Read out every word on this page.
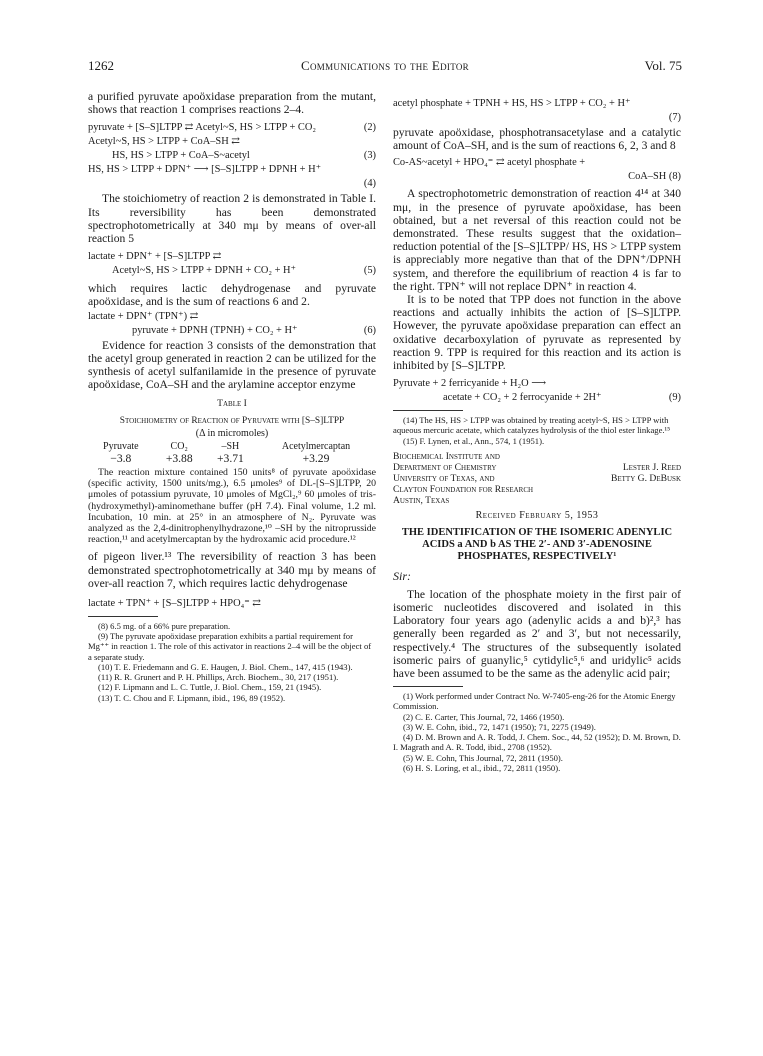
1262	Communications to the Editor	Vol. 75

a purified pyruvate apoöxidase preparation from the mutant, shows that reaction 1 comprises reactions 2–4.

pyruvate + [S–S]LTPP ⇄ Acetyl~S, HS > LTPP + CO₂	(2)
Acetyl~S, HS > LTPP + CoA–SH ⇄
HS, HS > LTPP + CoA–S~acetyl	(3)
HS, HS > LTPP + DPN⁺ ⟶ [S–S]LTPP + DPNH + H⁺
(4)

The stoichiometry of reaction 2 is demonstrated in Table I. Its reversibility has been demonstrated spectrophotometrically at 340 mμ by means of over-all reaction 5

lactate + DPN⁺ + [S–S]LTPP ⇄
Acetyl~S, HS > LTPP + DPNH + CO₂ + H⁺	(5)

which requires lactic dehydrogenase and pyruvate apoöxidase, and is the sum of reactions 6 and 2.

lactate + DPN⁺ (TPN⁺) ⇄
pyruvate + DPNH (TPNH) + CO₂ + H⁺	(6)

Evidence for reaction 3 consists of the demonstration that the acetyl group generated in reaction 2 can be utilized for the synthesis of acetyl sulfanilamide in the presence of pyruvate apoöxidase, CoA–SH and the arylamine acceptor enzyme

Table I
Stoichiometry of Reaction of Pyruvate with [S–S]LTPP
(Δ in micromoles)
Pyruvate	CO₂	–SH	Acetylmercaptan
−3.8	+3.88	+3.71	+3.29

The reaction mixture contained 150 units⁸ of pyruvate apoöxidase (specific activity, 1500 units/mg.), 6.5 μmoles⁹ of DL-[S–S]LTPP, 20 μmoles of potassium pyruvate, 10 μmoles of MgCl₂,⁹ 60 μmoles of tris-(hydroxymethyl)-aminomethane buffer (pH 7.4). Final volume, 1.2 ml. Incubation, 10 min. at 25° in an atmosphere of N₂. Pyruvate was analyzed as the 2,4-dinitrophenylhydrazone,¹⁰ –SH by the nitroprusside reaction,¹¹ and acetylmercaptan by the hydroxamic acid procedure.¹²

of pigeon liver.¹³ The reversibility of reaction 3 has been demonstrated spectrophotometrically at 340 mμ by means of over-all reaction 7, which requires lactic dehydrogenase

lactate + TPN⁺ + [S–S]LTPP + HPO₄⁼ ⇄

(8) 6.5 mg. of a 66% pure preparation.

(9) The pyruvate apoöxidase preparation exhibits a partial requirement for Mg⁺⁺ in reaction 1. The role of this activator in reactions 2–4 will be the object of a separate study.

(10) T. E. Friedemann and G. E. Haugen, J. Biol. Chem., 147, 415 (1943).

(11) R. R. Grunert and P. H. Phillips, Arch. Biochem., 30, 217 (1951).

(12) F. Lipmann and L. C. Tuttle, J. Biol. Chem., 159, 21 (1945).

(13) T. C. Chou and F. Lipmann, ibid., 196, 89 (1952).

acetyl phosphate + TPNH + HS, HS > LTPP + CO₂ + H⁺
(7)

pyruvate apoöxidase, phosphotransacetylase and a catalytic amount of CoA–SH, and is the sum of reactions 6, 2, 3 and 8

Co-AS~acetyl + HPO₄⁼ ⇄ acetyl phosphate +
CoA–SH (8)

A spectrophotometric demonstration of reaction 4¹⁴ at 340 mμ, in the presence of pyruvate apoöxidase, has been obtained, but a net reversal of this reaction could not be demonstrated. These results suggest that the oxidation–reduction potential of the [S–S]LTPP/ HS, HS > LTPP system is appreciably more negative than that of the DPN⁺/DPNH system, and therefore the equilibrium of reaction 4 is far to the right. TPN⁺ will not replace DPN⁺ in reaction 4.

It is to be noted that TPP does not function in the above reactions and actually inhibits the action of [S–S]LTPP. However, the pyruvate apoöxidase preparation can effect an oxidative decarboxylation of pyruvate as represented by reaction 9. TPP is required for this reaction and its action is inhibited by [S–S]LTPP.

Pyruvate + 2 ferricyanide + H₂O ⟶
acetate + CO₂ + 2 ferrocyanide + 2H⁺	(9)

(14) The HS, HS > LTPP was obtained by treating acetyl~S, HS > LTPP with aqueous mercuric acetate, which catalyzes hydrolysis of the thiol ester linkage.¹⁵

(15) F. Lynen, et al., Ann., 574, 1 (1951).

Biochemical Institute and

Department of Chemistry	Lester J. Reed

University of Texas, and	Betty G. DeBusk

Clayton Foundation for Research

Austin, Texas

Received February 5, 1953
THE IDENTIFICATION OF THE ISOMERIC ADENYLIC ACIDS a AND b AS THE 2′- AND 3′-ADENOSINE PHOSPHATES, RESPECTIVELY¹
Sir:

The location of the phosphate moiety in the first pair of isomeric nucleotides discovered and isolated in this Laboratory four years ago (adenylic acids a and b)²,³ has generally been regarded as 2′ and 3′, but not necessarily, respectively.⁴ The structures of the subsequently isolated isomeric pairs of guanylic,⁵ cytidylic⁵,⁶ and uridylic⁵ acids have been assumed to be the same as the adenylic acid pair;

(1) Work performed under Contract No. W-7405-eng-26 for the Atomic Energy Commission.

(2) C. E. Carter, This Journal, 72, 1466 (1950).

(3) W. E. Cohn, ibid., 72, 1471 (1950); 71, 2275 (1949).

(4) D. M. Brown and A. R. Todd, J. Chem. Soc., 44, 52 (1952); D. M. Brown, D. I. Magrath and A. R. Todd, ibid., 2708 (1952).

(5) W. E. Cohn, This Journal, 72, 2811 (1950).

(6) H. S. Loring, et al., ibid., 72, 2811 (1950).
